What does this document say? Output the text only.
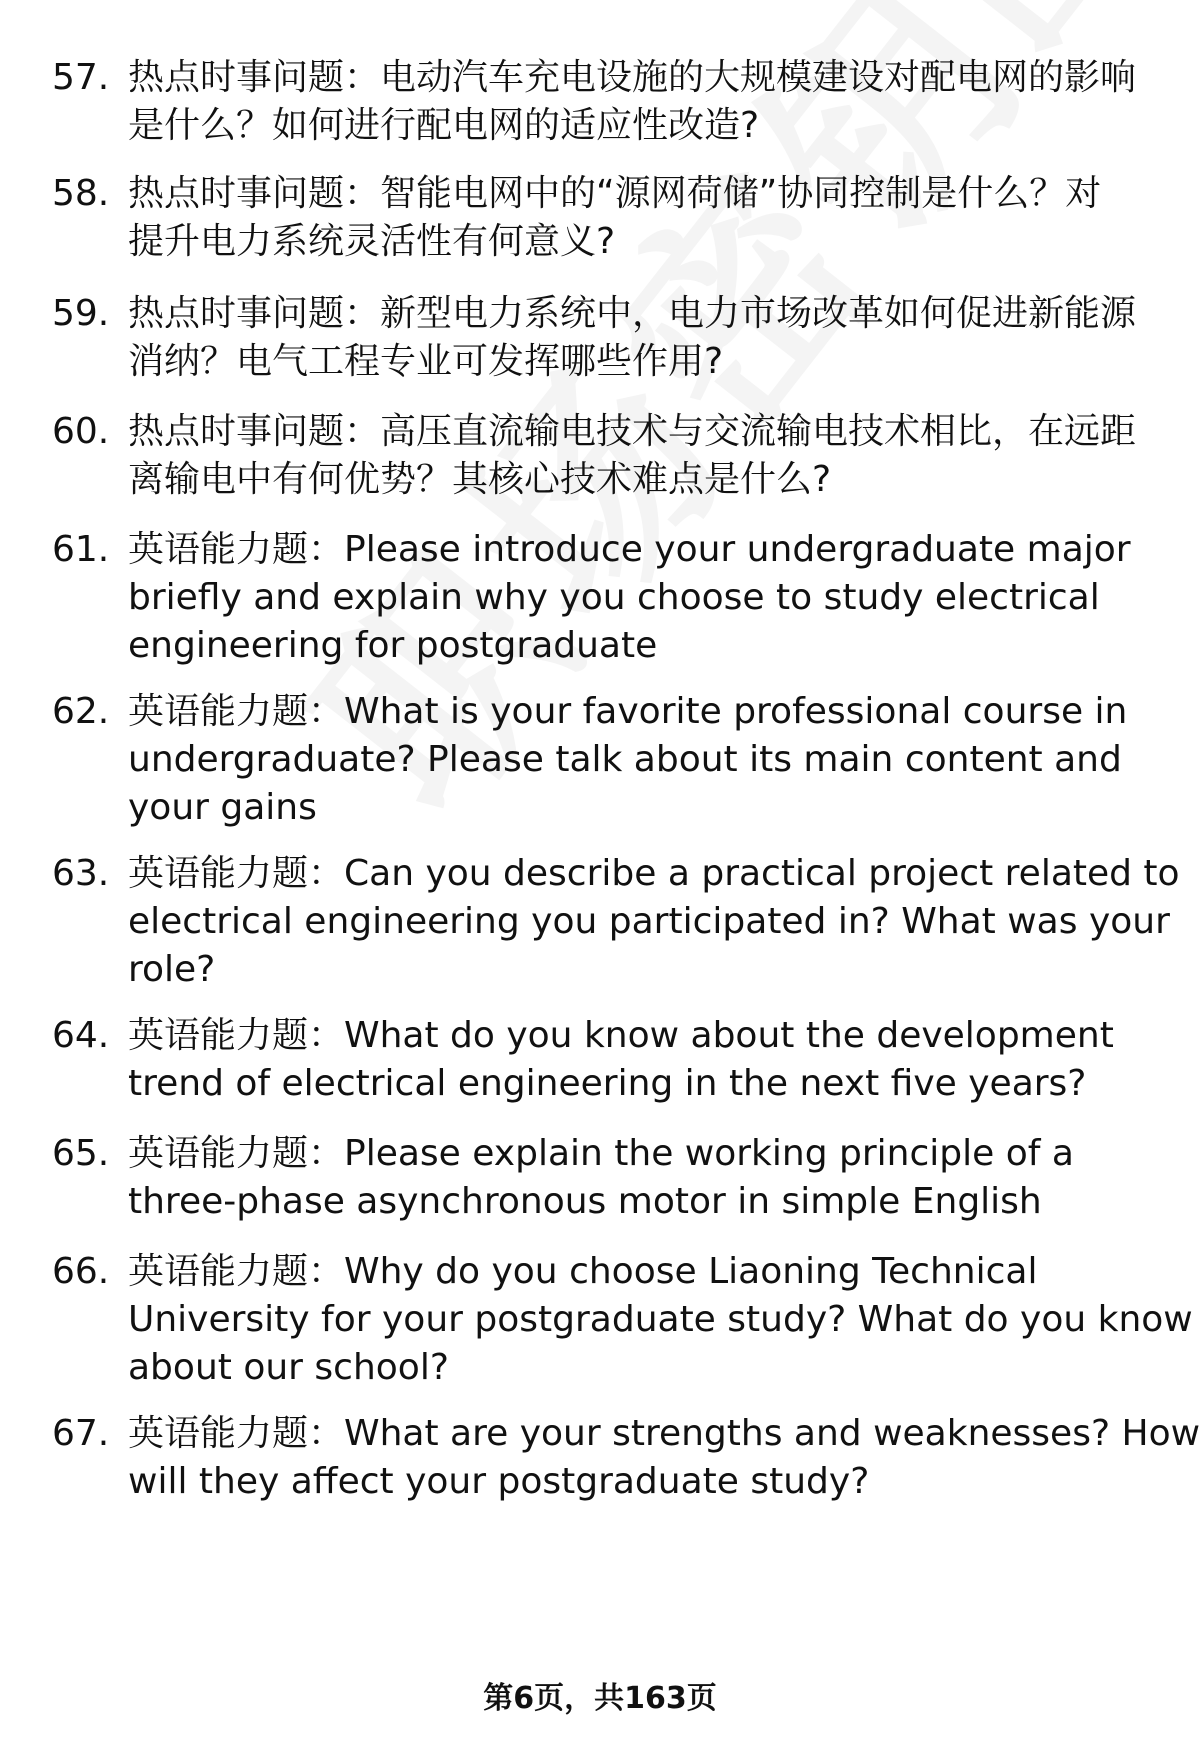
57. 热点时事问题：电动汽车充电设施的大规模建设对配电网的影响
是什么？如何进行配电网的适应性改造?
58. 热点时事问题：智能电网中的“源网荷储”协同控制是什么？对
提升电力系统灵活性有何意义?
59. 热点时事问题：新型电力系统中，电力市场改革如何促进新能源
消纳？电气工程专业可发挥哪些作用?
60. 热点时事问题：高压直流输电技术与交流输电技术相比，在远距
离输电中有何优势？其核心技术难点是什么?
61. 英语能力题：Please introduce your undergraduate major
briefly and explain why you choose to study electrical
engineering for postgraduate
62. 英语能力题：What is your favorite professional course in
undergraduate? Please talk about its main content and
your gains
63. 英语能力题：Can you describe a practical project related to
electrical engineering you participated in? What was your
role?
64. 英语能力题：What do you know about the development
trend of electrical engineering in the next five years?
65. 英语能力题：Please explain the working principle of a
three-phase asynchronous motor in simple English
66. 英语能力题：Why do you choose Liaoning Technical
University for your postgraduate study? What do you know
about our school?
67. 英语能力题：What are your strengths and weaknesses? How
will they affect your postgraduate study?
第6页，共163页
